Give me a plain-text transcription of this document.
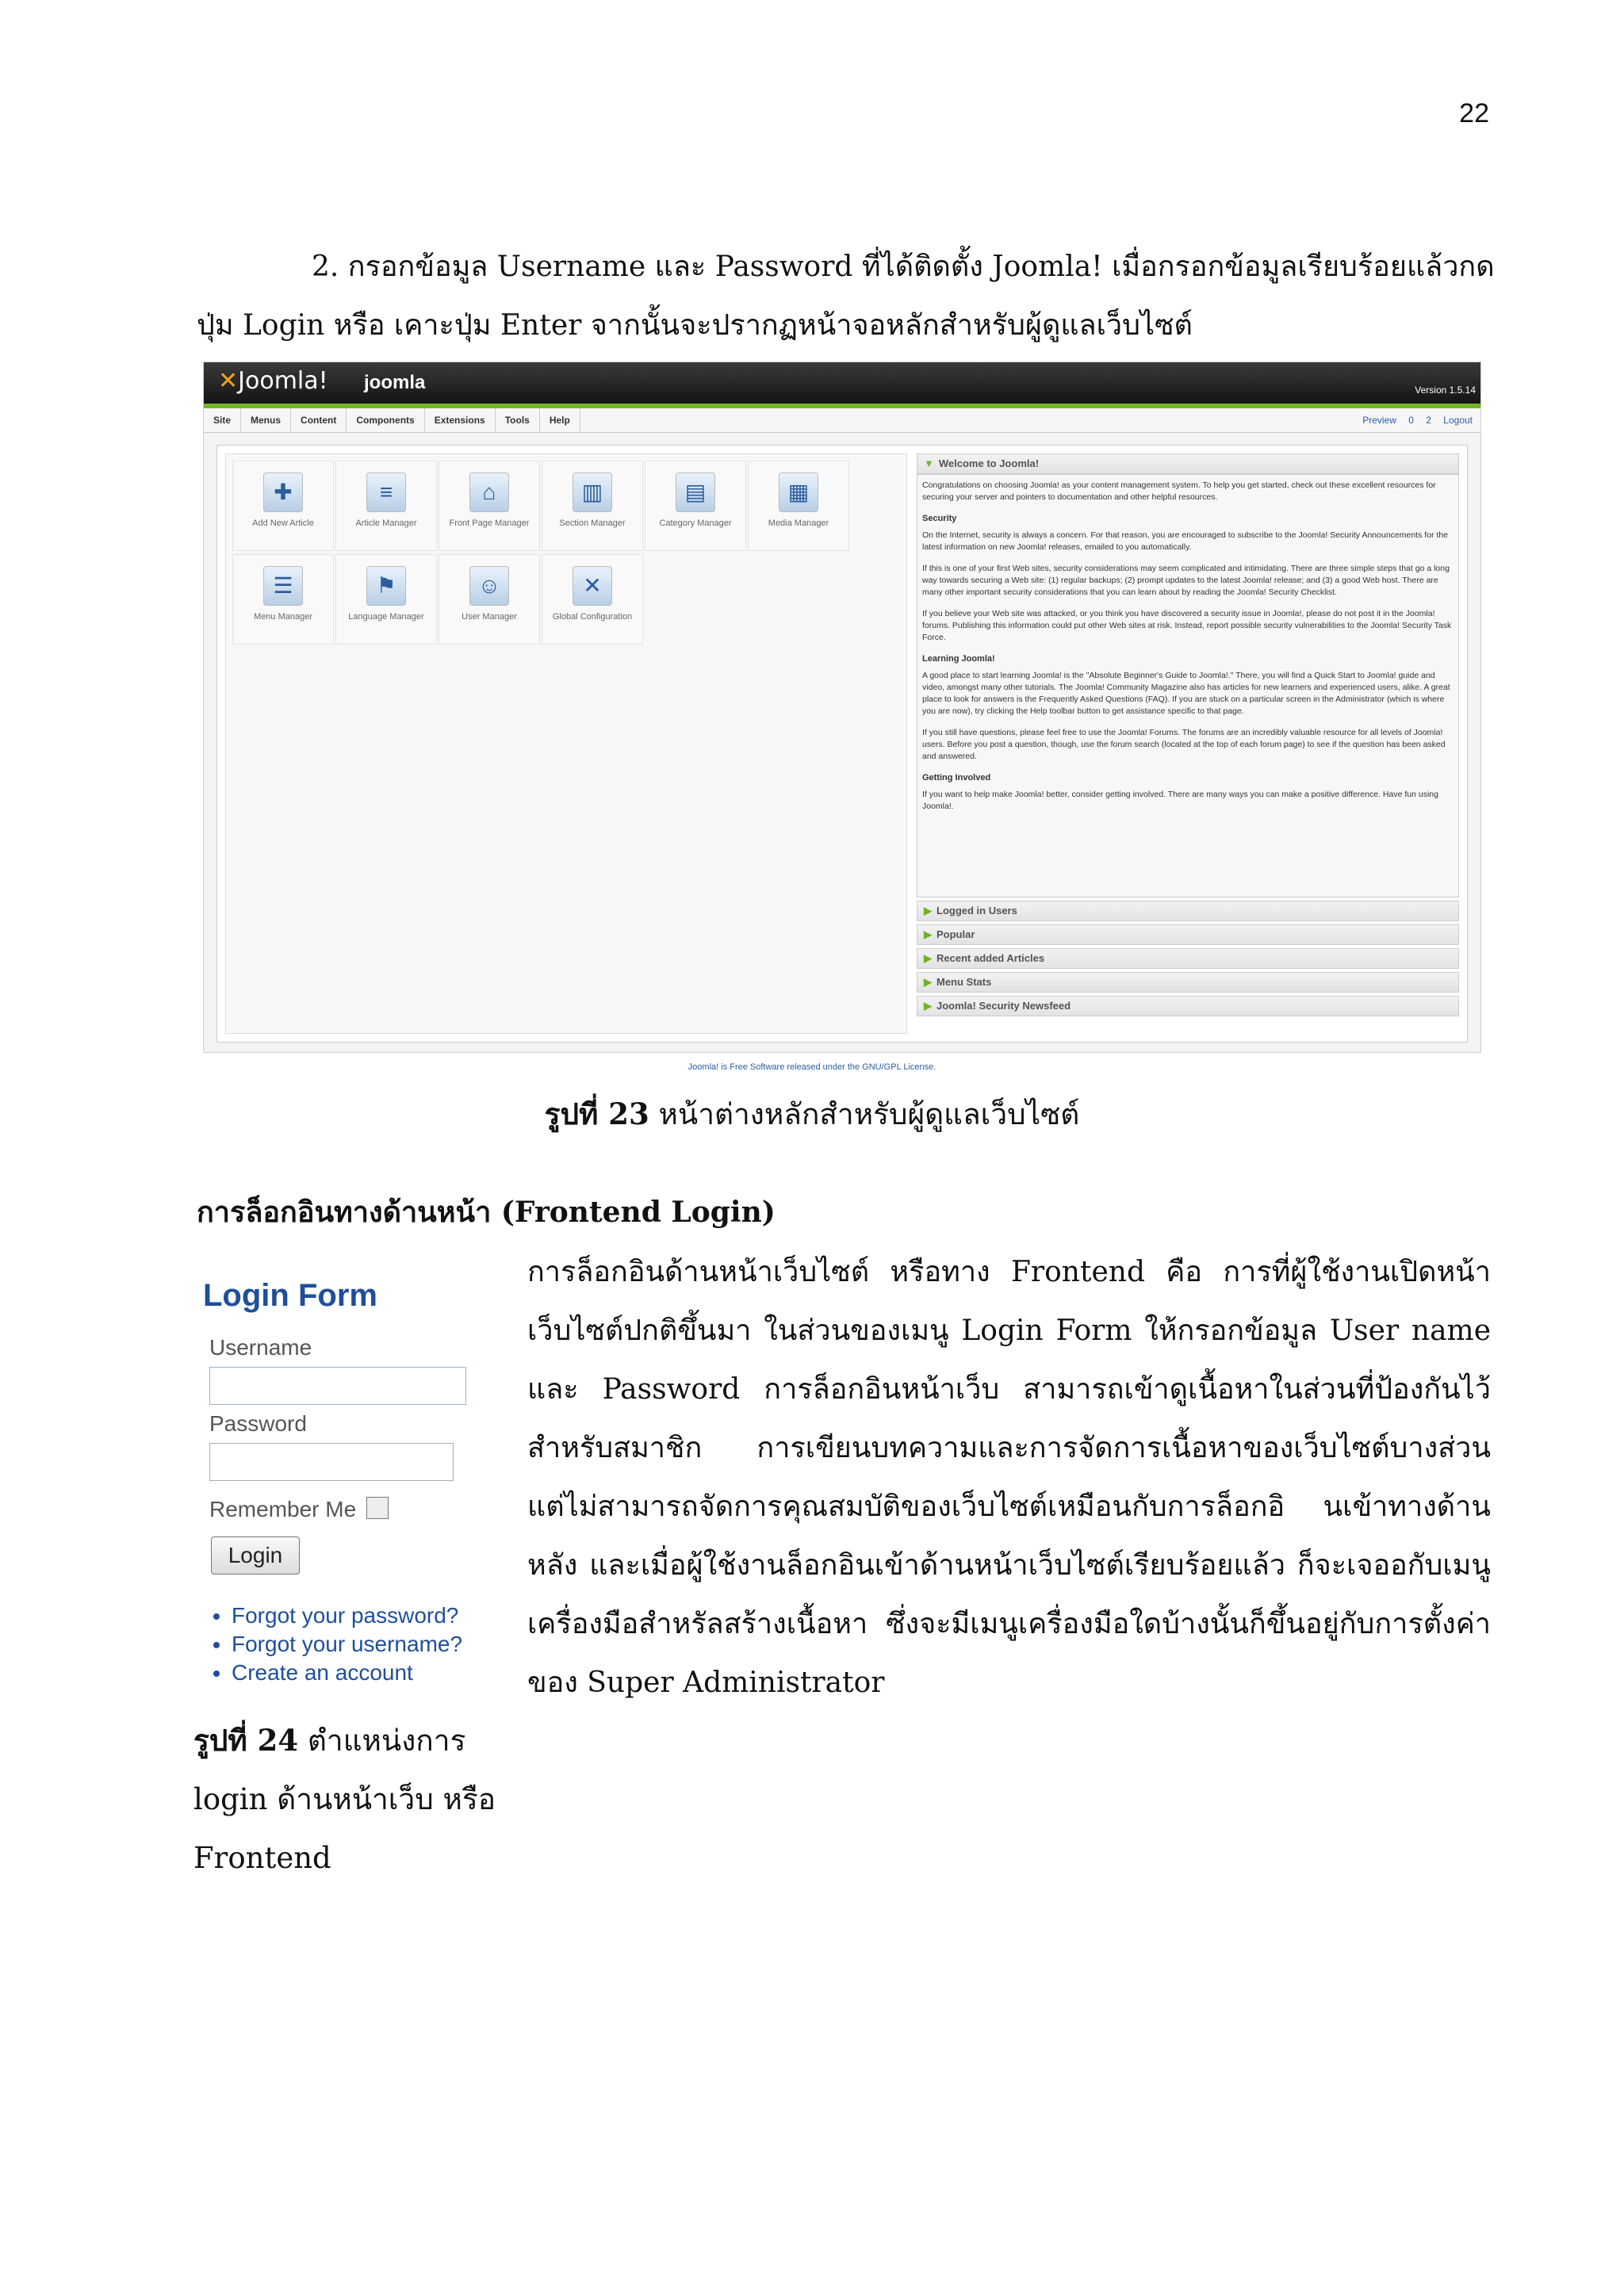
22
2. กรอกข้อมูล Username และ Password ที่ได้ติดตั้ง Joomla! เมื่อกรอกข้อมูลเรียบร้อยแล้วกดปุ่ม Login หรือ เคาะปุ่ม Enter จากนั้นจะปรากฏหน้าจอหลักสำหรับผู้ดูแลเว็บไซต์
✕Joomla! joomla	Version 1.5.14
Site Menus Content Components Extensions Tools Help	Preview 0 2 Logout
✚
Add New Article
≡
Article Manager
⌂
Front Page Manager
▥
Section Manager
▤
Category Manager
▦
Media Manager
☰
Menu Manager
⚑
Language Manager
☺
User Manager
✕
Global Configuration
▼ Welcome to Joomla!

Congratulations on choosing Joomla! as your content management system. To help you get started, check out these excellent resources for securing your server and pointers to documentation and other helpful resources.

Security

On the Internet, security is always a concern. For that reason, you are encouraged to subscribe to the Joomla! Security Announcements for the latest information on new Joomla! releases, emailed to you automatically.

If this is one of your first Web sites, security considerations may seem complicated and intimidating. There are three simple steps that go a long way towards securing a Web site: (1) regular backups; (2) prompt updates to the latest Joomla! release; and (3) a good Web host. There are many other important security considerations that you can learn about by reading the Joomla! Security Checklist.

If you believe your Web site was attacked, or you think you have discovered a security issue in Joomla!, please do not post it in the Joomla! forums. Publishing this information could put other Web sites at risk. Instead, report possible security vulnerabilities to the Joomla! Security Task Force.

Learning Joomla!

A good place to start learning Joomla! is the "Absolute Beginner's Guide to Joomla!." There, you will find a Quick Start to Joomla! guide and video, amongst many other tutorials. The Joomla! Community Magazine also has articles for new learners and experienced users, alike. A great place to look for answers is the Frequently Asked Questions (FAQ). If you are stuck on a particular screen in the Administrator (which is where you are now), try clicking the Help toolbar button to get assistance specific to that page.

If you still have questions, please feel free to use the Joomla! Forums. The forums are an incredibly valuable resource for all levels of Joomla! users. Before you post a question, though, use the forum search (located at the top of each forum page) to see if the question has been asked and answered.

Getting Involved

If you want to help make Joomla! better, consider getting involved. There are many ways you can make a positive difference. Have fun using Joomla!.

▶ Logged in Users
▶ Popular
▶ Recent added Articles
▶ Menu Stats
▶ Joomla! Security Newsfeed
Joomla! is Free Software released under the GNU/GPL License.
รูปที่ 23 หน้าต่างหลักสำหรับผู้ดูแลเว็บไซต์
การล็อกอินทางด้านหน้า (Frontend Login)
Login Form
Username
Password
Remember Me
Login
• Forgot your password?
• Forgot your username?
• Create an account
การล็อกอินด้านหน้าเว็บไซต์ หรือทาง Frontend คือ การที่ผู้ใช้งานเปิดหน้าเว็บไซต์ปกติขึ้นมา ในส่วนของเมนู Login Form ให้กรอกข้อมูล User name และ Password การล็อกอินหน้าเว็บ สามารถเข้าดูเนื้อหาในส่วนที่ป้องกันไว้สำหรับสมาชิก การเขียนบทความและการจัดการเนื้อหาของเว็บไซต์บางส่วน แต่ไม่สามารถจัดการคุณสมบัติของเว็บไซต์เหมือนกับการล็อกอิ นเข้าทางด้านหลัง และเมื่อผู้ใช้งานล็อกอินเข้าด้านหน้าเว็บไซต์เรียบร้อยแล้ว ก็จะเจออกับเมนูเครื่องมือสำหรัลสร้างเนื้อหา ซึ่งจะมีเมนูเครื่องมือใดบ้างนั้นก็ขึ้นอยู่กับการตั้งค่าของ Super Administrator
รูปที่ 24 ตำแหน่งการ login ด้านหน้าเว็บ หรือ Frontend
